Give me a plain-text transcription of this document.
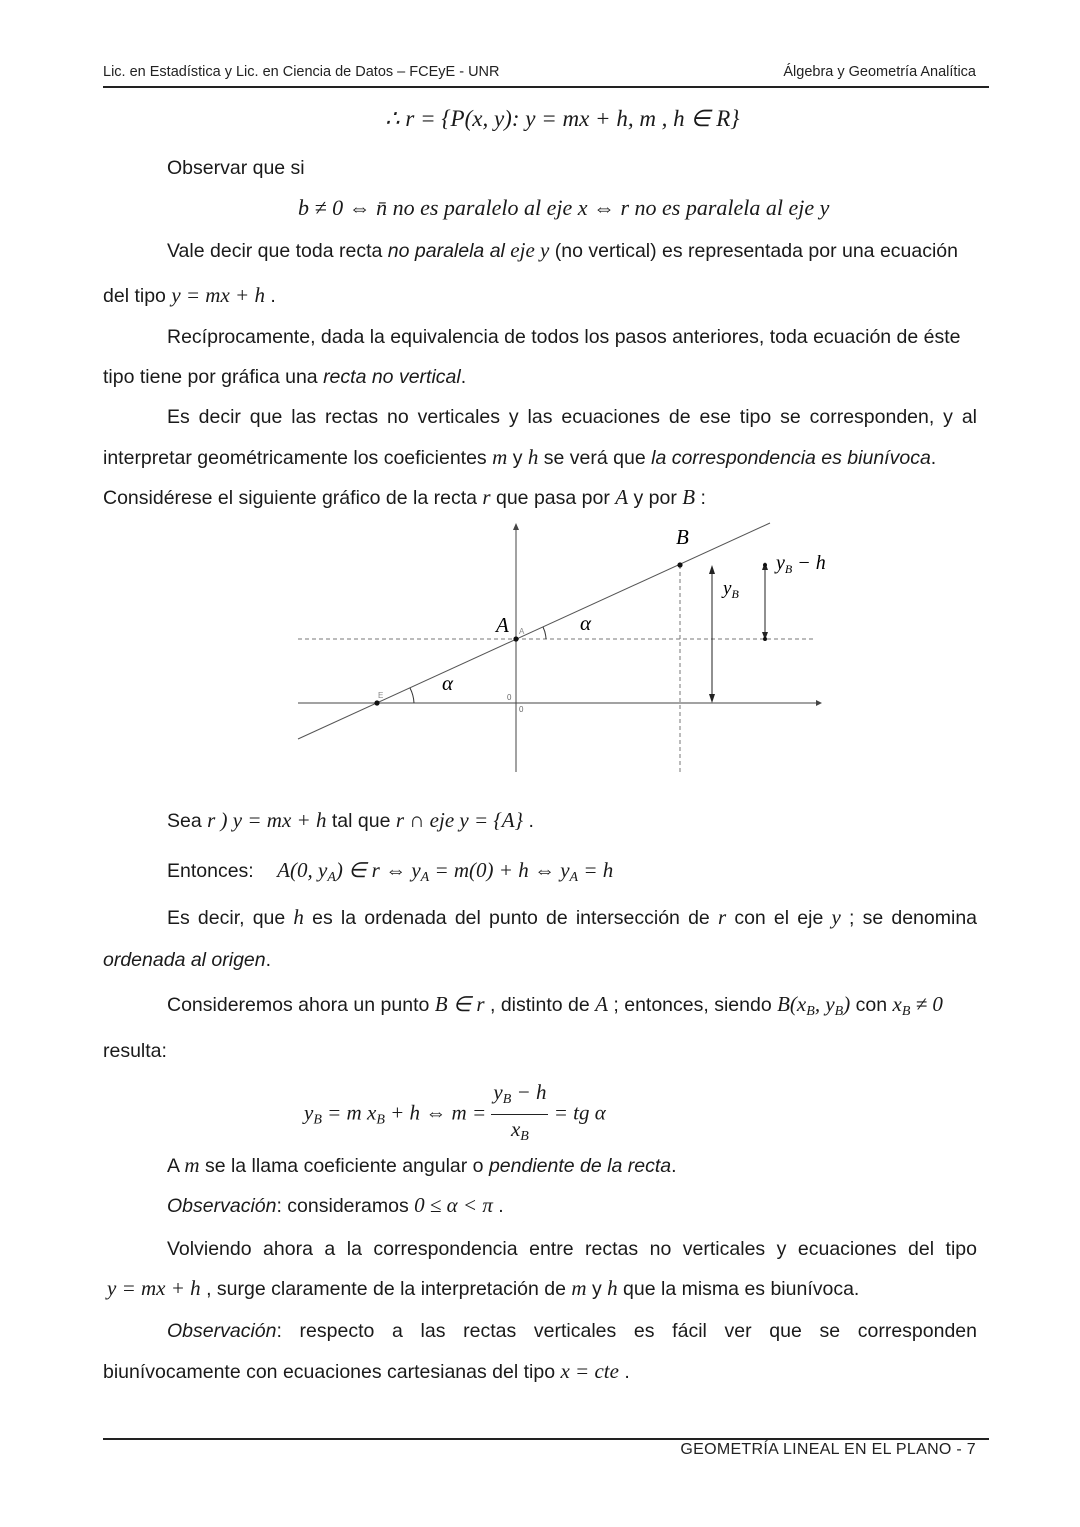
Lic. en Estadística y Lic. en Ciencia de Datos – FCEyE - UNR	Álgebra y Geometría Analítica
∴ r = {P(x, y): y = mx + h, m , h ∈ R}
Observar que si
b ≠ 0 ⇔ n̄ no es paralelo al eje x ⇔ r no es paralela al eje y
Vale decir que toda recta no paralela al eje y (no vertical) es representada por una ecuación
del tipo y = mx + h .
Recíprocamente, dada la equivalencia de todos los pasos anteriores, toda ecuación de éste
tipo tiene por gráfica una recta no vertical.
Es decir que las rectas no verticales y las ecuaciones de ese tipo se corresponden, y al
interpretar geométricamente los coeficientes m y h se verá que la correspondencia es biunívoca.
Considérese el siguiente gráfico de la recta r que pasa por A y por B :
B
A	α
α
$y_B$
$y_B - h$
E
A
0
0
Sea r ) y = mx + h tal que r ∩ eje y = {A} .
Entonces: A(0, $y_A$) ∈ r ⇔ $y_A = m(0) + h$ ⇔ $y_A = h$
Es decir, que h es la ordenada del punto de intersección de r con el eje y ; se denomina
ordenada al origen.
Consideremos ahora un punto B ∈ r , distinto de A ; entonces, siendo $B(x_B$, $y_B$) con $x_B \ne 0$
resulta:
$y_B = m$ $x_B + h$ ⇔ $m = \frac{y_B - h}{x_B}$ = tg α
A m se la llama coeficiente angular o pendiente de la recta.
Observación: consideramos 0 ≤ α < π .
Volviendo ahora a la correspondencia entre rectas no verticales y ecuaciones del tipo
y = mx + h , surge claramente de la interpretación de m y h que la misma es biunívoca.
Observación: respecto a las rectas verticales es fácil ver que se corresponden
biunívocamente con ecuaciones cartesianas del tipo x = cte .
GEOMETRÍA LINEAL EN EL PLANO - 7
